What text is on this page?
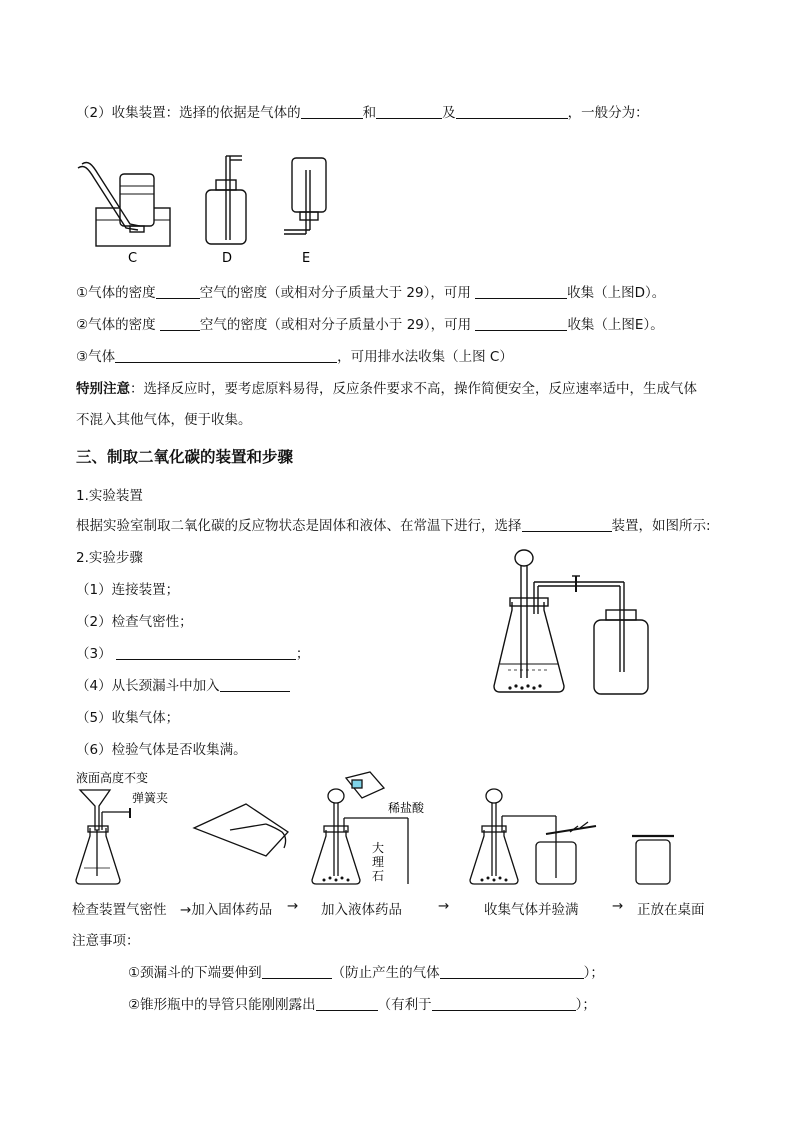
（2）收集装置：选择的依据是气体的	和	及	，一般分为：
C	D	E
①气体的密度	空气的密度（或相对分子质量大于 29），可用	收集（上图D）。
②气体的密度	空气的密度（或相对分子质量小于 29），可用	收集（上图E）。
③气体	，可用排水法收集（上图 C）
特别注意：选择反应时，要考虑原料易得，反应条件要求不高，操作简便安全，反应速率适中，生成气体
不混入其他气体，便于收集。
三、制取二氧化碳的装置和步骤
1.实验装置
根据实验室制取二氧化碳的反应物状态是固体和液体、在常温下进行，选择	装置，如图所示:
2.实验步骤
（1）连接装置；
（2）检查气密性；
（3）	；
（4）从长颈漏斗中加入
（5）收集气体；
（6）检验气体是否收集满。
液面高度不变
弹簧夹
稀盐酸
大
理
石
检查装置气密性 →加入固体药品 → 加入液体药品	→	收集气体并验满 → 正放在桌面
注意事项：
①颈漏斗的下端要伸到	（防止产生的气体	）；
②锥形瓶中的导管只能刚刚露出	（有利于	）；
